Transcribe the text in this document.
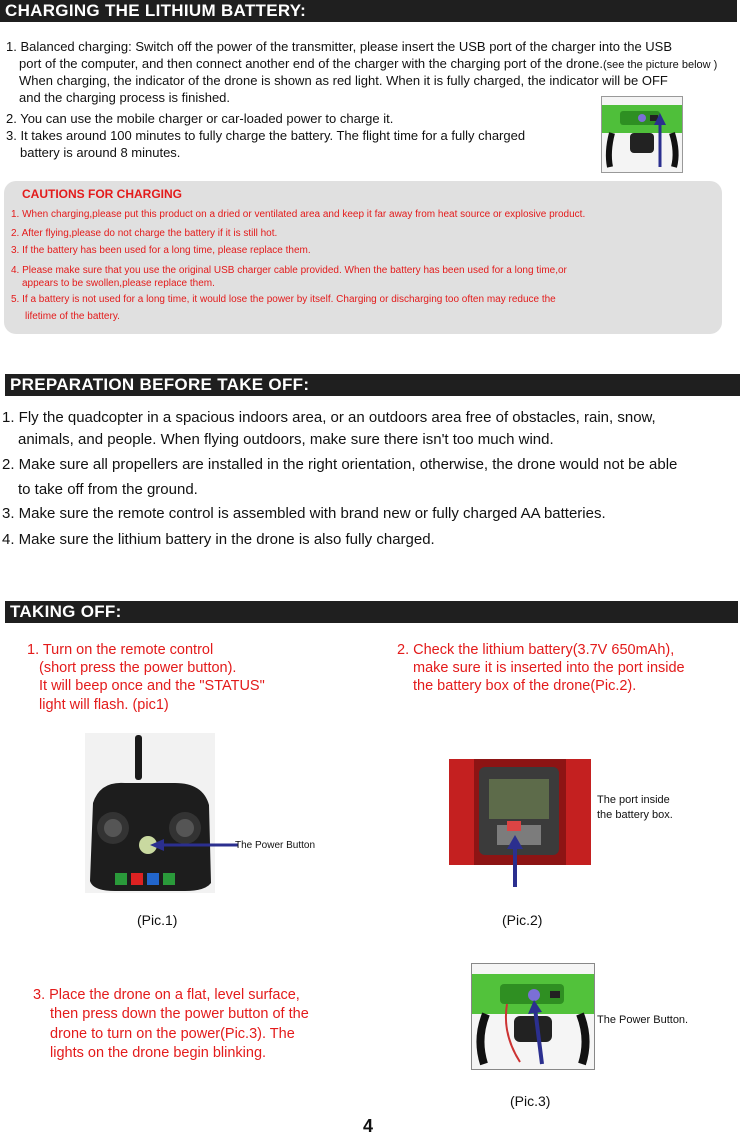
CHARGING THE LITHIUM BATTERY:

1. Balanced charging: Switch off the power of the transmitter, please insert the USB port of the charger into the USB

port of the computer, and then connect another end of the charger with the charging port of the drone.(see the picture below )

When charging, the indicator of the drone is shown as red light. When it is fully charged, the indicator will be OFF

and the charging process is finished.

2. You can use the mobile charger or car-loaded power to charge it.

3. It takes around 100 minutes to fully charge the battery. The flight time for a fully charged

battery is around 8 minutes.

CAUTIONS FOR CHARGING
1. When charging,please put this product on a dried or ventilated area and keep it far away from heat source or explosive product.
2. After flying,please do not charge the battery if it is still hot.
3. If the battery has been used for a long time, please replace them.
4. Please make sure that you use the original USB charger cable provided. When the battery has been used for a long time,or
appears to be swollen,please replace them.
5. If a battery is not used for a long time, it would lose the power by itself. Charging or discharging too often may reduce the
lifetime of the battery.
PREPARATION BEFORE TAKE OFF:
1. Fly the quadcopter in a spacious indoors area, or an outdoors area free of obstacles, rain, snow,
animals, and people. When flying outdoors, make sure there isn't too much wind.
2. Make sure all propellers are installed in the right orientation, otherwise, the drone would not be able
to take off from the ground.
3. Make sure the remote control is assembled with brand new or fully charged AA batteries.
4. Make sure the lithium battery in the drone is also fully charged.
TAKING OFF:
1. Turn on the remote control
(short press the power button).
It will beep once and the "STATUS"
light will flash. (pic1)
2. Check the lithium battery(3.7V 650mAh),
make sure it is inserted into the port inside
the battery box of the drone(Pic.2).
The Power Button
The port inside
the battery box.
(Pic.1)	(Pic.2)
3. Place the drone on a flat, level surface,
then press down the power button of the
drone to turn on the power(Pic.3). The
lights on the drone begin blinking.
The Power Button.
(Pic.3)
4
